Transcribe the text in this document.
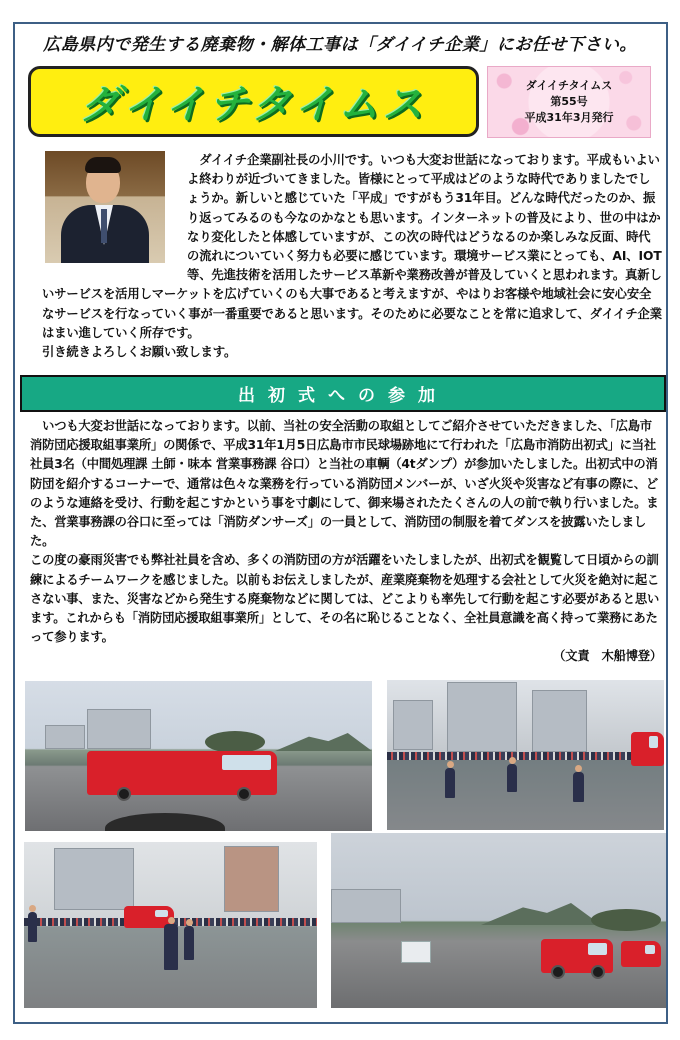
広島県内で発生する廃棄物・解体工事は「ダイイチ企業」にお任せ下さい。
ダイイチタイムス	ダイイチタイムス
第55号
平成31年3月発行

　ダイイチ企業副社長の小川です。いつも大変お世話になっております。平成もいよいよ終わりが近づいてきました。皆様にとって平成はどのような時代でありましたでしょうか。新しいと感じていた「平成」ですがもう31年目。どんな時代だったのか、振り返ってみるのも今なのかなとも思います。インターネットの普及により、世の中はかなり変化したと体感していますが、この次の時代はどうなるのか楽しみな反面、時代の流れについていく努力も必要に感じています。環境サービス業にとっても、AI、IOT等、先進技術を活用したサービス革新や業務改善が普及していくと思われます。真新しいサービスを活用しマーケットを広げていくのも大事であると考えますが、やはりお客様や地域社会に安心安全なサービスを行なっていく事が一番重要であると思います。そのために必要なことを常に追求して、ダイイチ企業はまい進していく所存です。

引き続きよろしくお願い致します。

出初式への参加

　いつも大変お世話になっております。以前、当社の安全活動の取組としてご紹介させていただきました、「広島市消防団応援取組事業所」の関係で、平成31年1月5日広島市市民球場跡地にて行われた「広島市消防出初式」に当社社員3名（中間処理課 土師・味本 営業事務課 谷口）と当社の車輌（4tダンプ）が参加いたしました。出初式中の消防団を紹介するコーナーで、通常は色々な業務を行っている消防団メンバーが、いざ火災や災害など有事の際に、どのような連絡を受け、行動を起こすかという事を寸劇にして、御来場されたたくさんの人の前で執り行いました。また、営業事務課の谷口に至っては「消防ダンサーズ」の一員として、消防団の制服を着てダンスを披露いたしました。

この度の豪雨災害でも弊社社員を含め、多くの消防団の方が活躍をいたしましたが、出初式を観覧して日頃からの訓練によるチームワークを感じました。以前もお伝えしましたが、産業廃棄物を処理する会社として火災を絶対に起こさない事、また、災害などから発生する廃棄物などに関しては、どこよりも率先して行動を起こす必要があると思います。これからも「消防団応援取組事業所」として、その名に恥じることなく、全社員意識を高く持って業務にあたって参ります。

（文責　木船博登）
